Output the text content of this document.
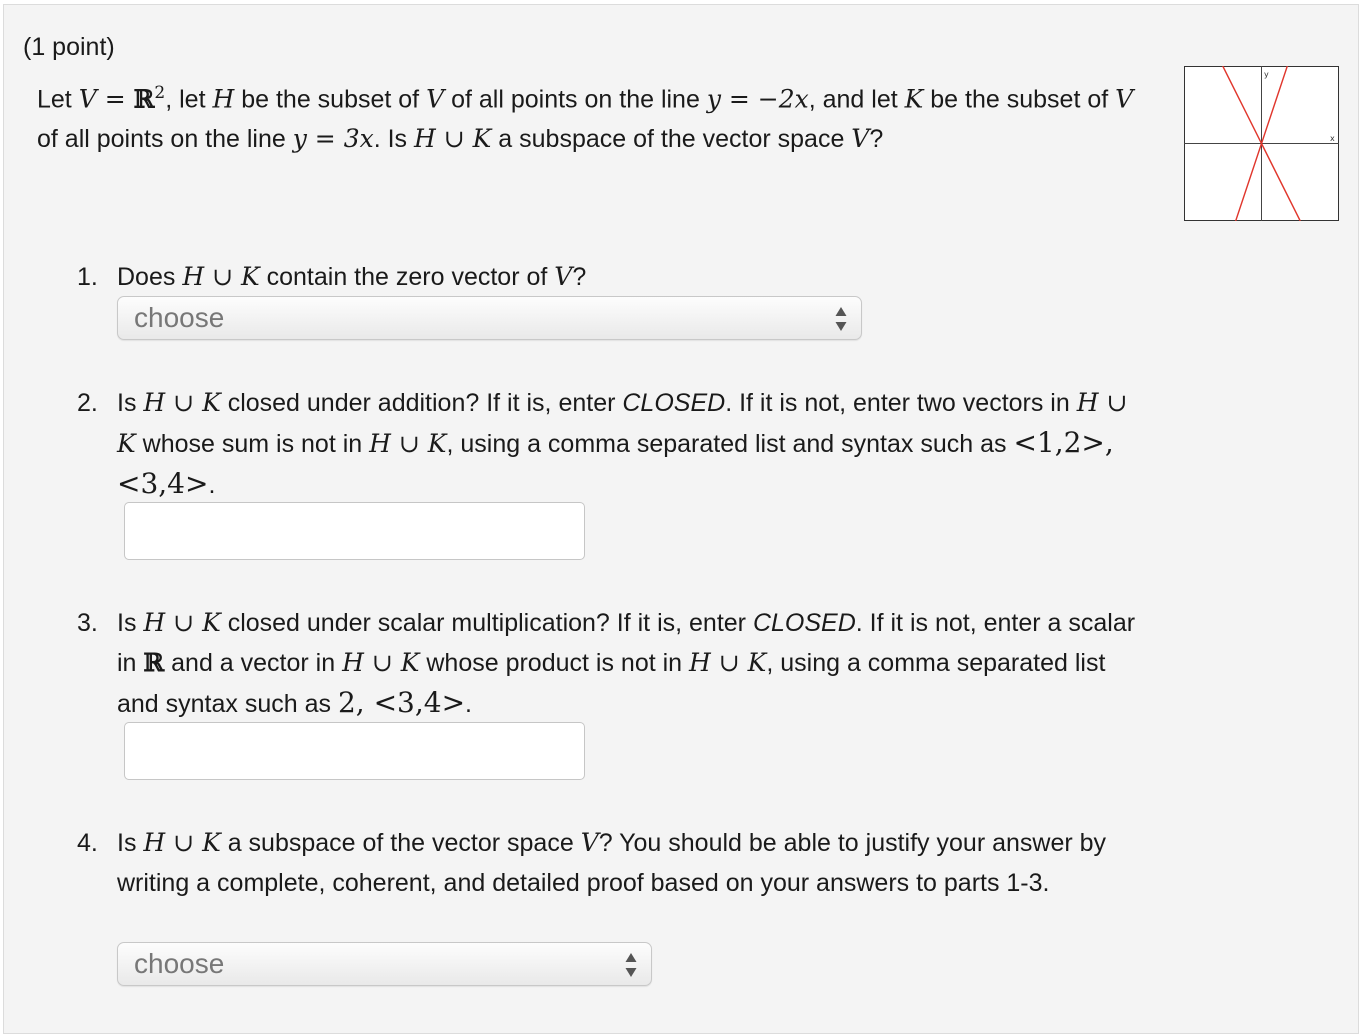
(1 point)
Let V = ℝ$^2$, let H be the subset of V of all points on the line y = −2x, and let K be the subset of V of all points on the line y = 3x. Is H ∪ K a subspace of the vector space V?	x
y
1. Does H ∪ K contain the zero vector of V?
choose
2. Is H ∪ K closed under addition? If it is, enter CLOSED. If it is not, enter two vectors in H ∪ K whose sum is not in H ∪ K, using a comma separated list and syntax such as <1,2>, <3,4>.
3. Is H ∪ K closed under scalar multiplication? If it is, enter CLOSED. If it is not, enter a scalar in ℝ and a vector in H ∪ K whose product is not in H ∪ K, using a comma separated list and syntax such as 2, <3,4>.
4. Is H ∪ K a subspace of the vector space V? You should be able to justify your answer by writing a complete, coherent, and detailed proof based on your answers to parts 1-3.
choose
